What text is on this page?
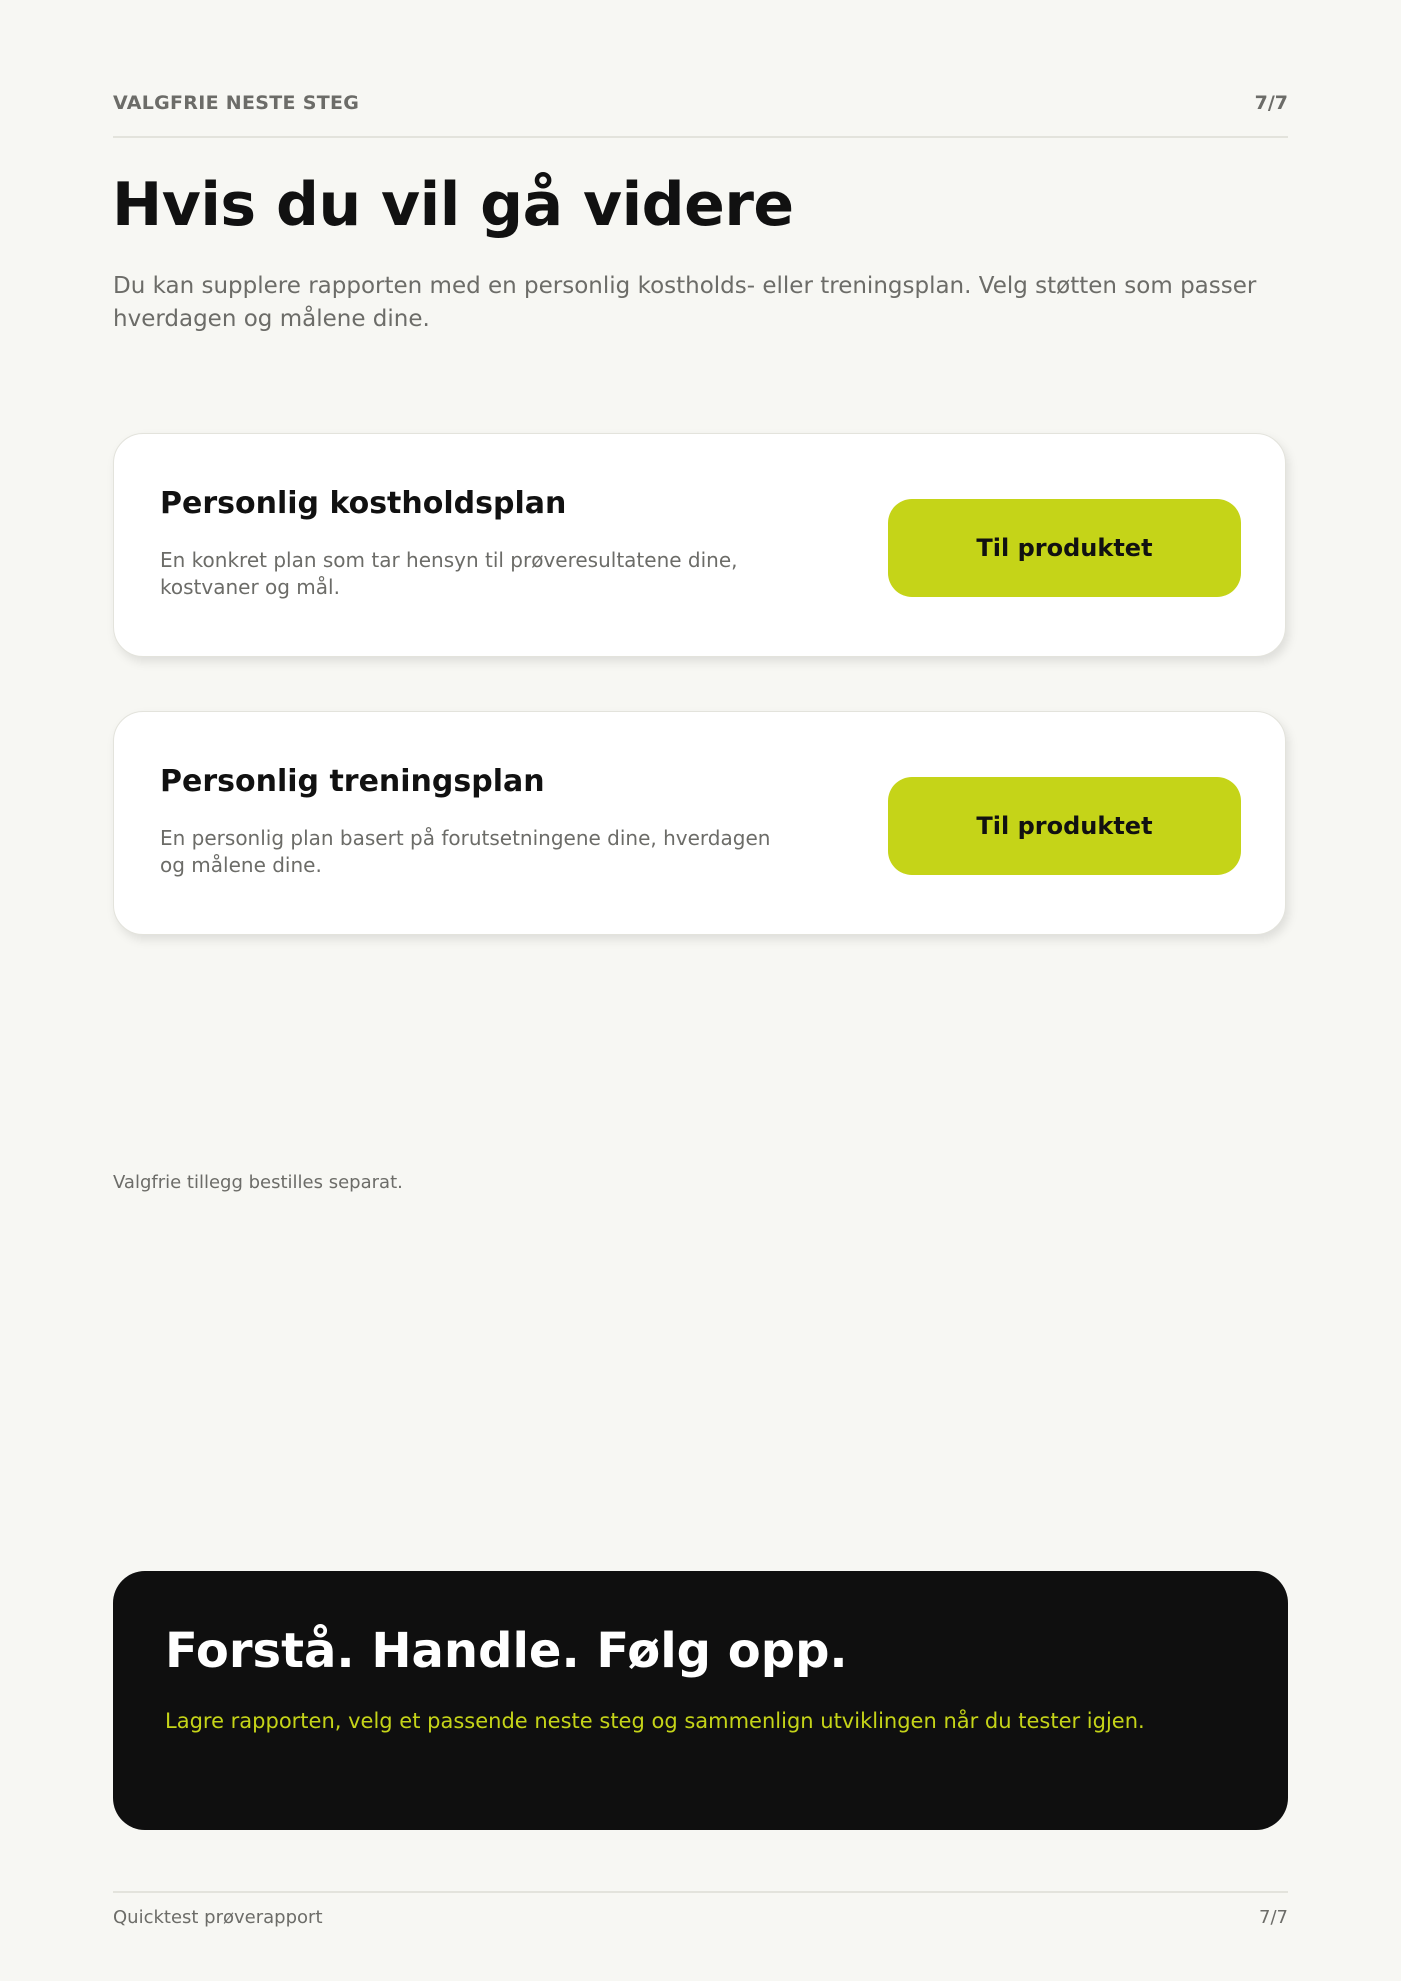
VALGFRIE NESTE STEG	7/7
Hvis du vil gå videre

Du kan supplere rapporten med en personlig kostholds- eller treningsplan. Velg støtten som passer hverdagen og målene dine.

Personlig kostholdsplan

En konkret plan som tar hensyn til prøveresultatene dine, kostvaner og mål.

Til produktet
Personlig treningsplan

En personlig plan basert på forutsetningene dine, hverdagen og målene dine.

Til produktet

Valgfrie tillegg bestilles separat.

Forstå. Handle. Følg opp.

Lagre rapporten, velg et passende neste steg og sammenlign utviklingen når du tester igjen.

Quicktest prøverapport	7/7
